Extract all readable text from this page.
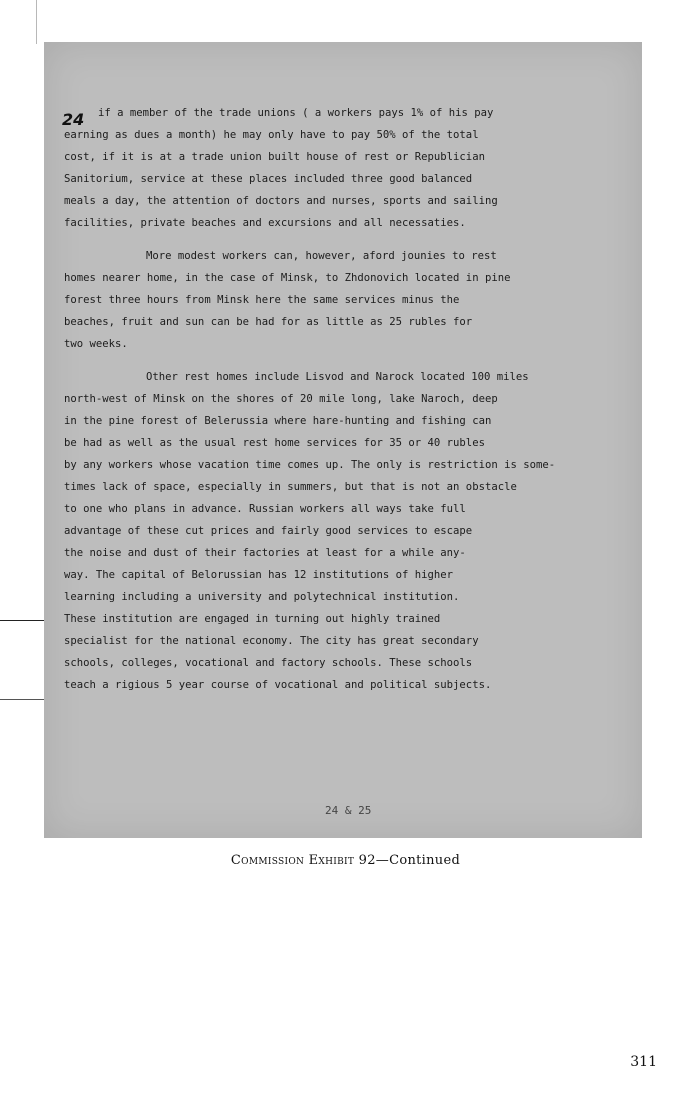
24	if a member of the trade unions ( a workers pays 1% of his pay
earning as dues a month) he may only have to pay 50% of the total
cost, if it is at a trade union built house of rest or Republician
Sanitorium, service at these places included three good balanced
meals a day, the attention of doctors and nurses, sports and sailing
facilities, private beaches and excursions and all necessaties.
More modest workers can, however, aford jounies to rest
homes nearer home, in the case of Minsk, to Zhdonovich located in pine
forest three hours from Minsk here the same services minus the
beaches, fruit and sun can be had for as little as 25 rubles for
two weeks.
Other rest homes include Lisvod and Narock located 100 miles
north-west of Minsk on the shores of 20 mile long, lake Naroch, deep
in the pine forest of Belerussia where hare-hunting and fishing can
be had as well as the usual rest home services for 35 or 40 rubles
by any workers whose vacation time comes up. The only is restriction is some-
times lack of space, especially in summers, but that is not an obstacle
to one who plans in advance. Russian workers all ways take full
advantage of these cut prices and fairly good services to escape
the noise and dust of their factories at least for a while any-
way. The capital of Belorussian has 12 institutions of higher
learning including a university and polytechnical institution.
These institution are engaged in turning out highly trained
specialist for the national economy. The city has great secondary
schools, colleges, vocational and factory schools. These schools
teach a rigious 5 year course of vocational and political subjects.
24 & 25
Commission Exhibit 92—Continued
311
